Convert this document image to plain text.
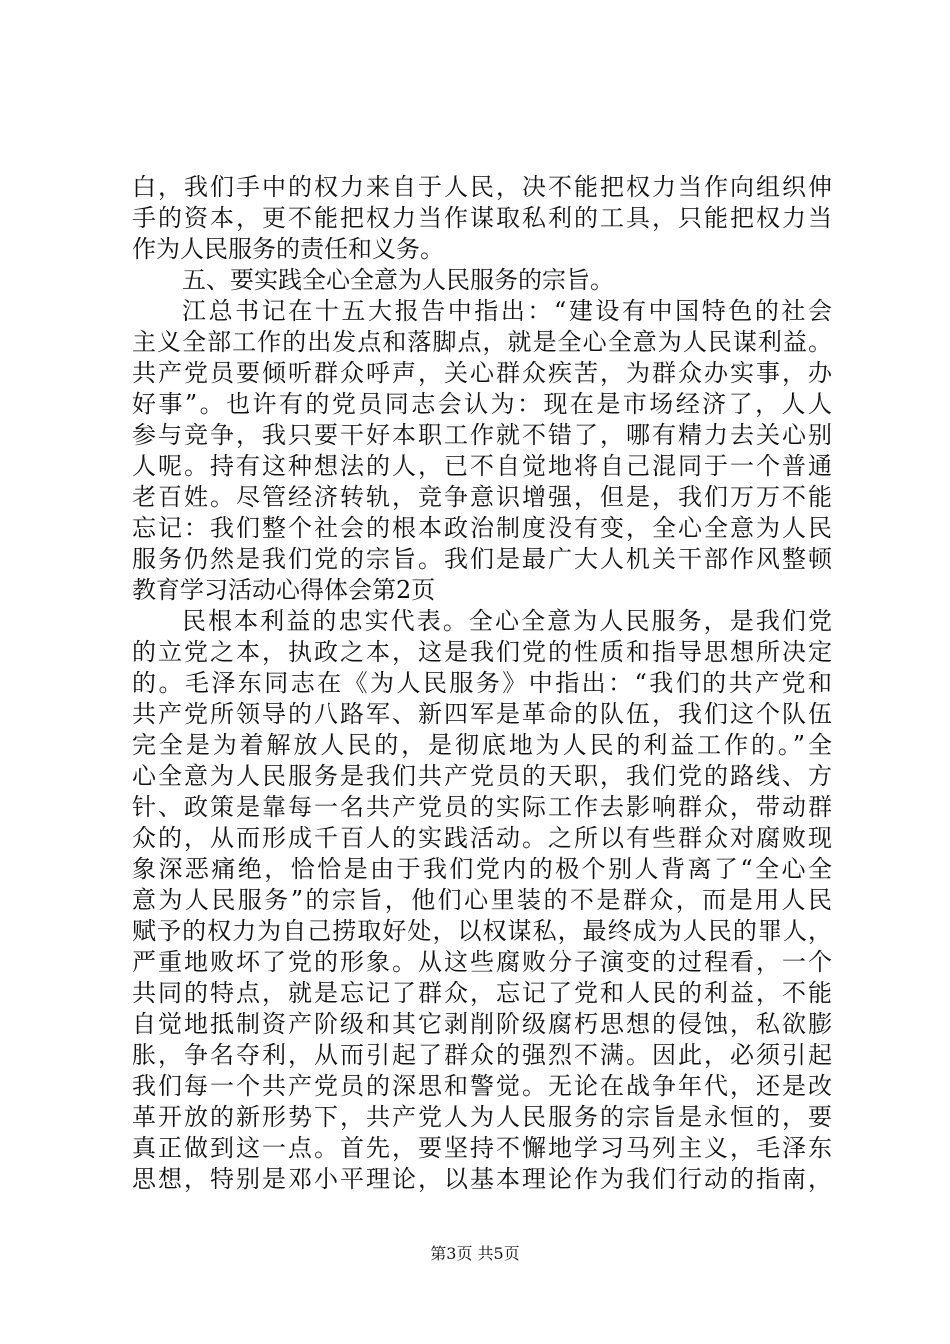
白，我们手中的权力来自于人民，决不能把权力当作向组织伸
手的资本，更不能把权力当作谋取私利的工具，只能把权力当
作为人民服务的责任和义务。
五、要实践全心全意为人民服务的宗旨。
江总书记在十五大报告中指出：“建设有中国特色的社会
主义全部工作的出发点和落脚点，就是全心全意为人民谋利益。
共产党员要倾听群众呼声，关心群众疾苦，为群众办实事，办
好事”。也许有的党员同志会认为：现在是市场经济了，人人
参与竞争，我只要干好本职工作就不错了，哪有精力去关心别
人呢。持有这种想法的人，已不自觉地将自己混同于一个普通
老百姓。尽管经济转轨，竞争意识增强，但是，我们万万不能
忘记：我们整个社会的根本政治制度没有变，全心全意为人民
服务仍然是我们党的宗旨。我们是最广大人机关干部作风整顿
教育学习活动心得体会第2页
民根本利益的忠实代表。全心全意为人民服务，是我们党
的立党之本，执政之本，这是我们党的性质和指导思想所决定
的。毛泽东同志在《为人民服务》中指出：“我们的共产党和
共产党所领导的八路军、新四军是革命的队伍，我们这个队伍
完全是为着解放人民的，是彻底地为人民的利益工作的。”全
心全意为人民服务是我们共产党员的天职，我们党的路线、方
针、政策是靠每一名共产党员的实际工作去影响群众，带动群
众的，从而形成千百人的实践活动。之所以有些群众对腐败现
象深恶痛绝，恰恰是由于我们党内的极个别人背离了“全心全
意为人民服务”的宗旨，他们心里装的不是群众，而是用人民
赋予的权力为自己捞取好处，以权谋私，最终成为人民的罪人，
严重地败坏了党的形象。从这些腐败分子演变的过程看，一个
共同的特点，就是忘记了群众，忘记了党和人民的利益，不能
自觉地抵制资产阶级和其它剥削阶级腐朽思想的侵蚀，私欲膨
胀，争名夺利，从而引起了群众的强烈不满。因此，必须引起
我们每一个共产党员的深思和警觉。无论在战争年代，还是改
革开放的新形势下，共产党人为人民服务的宗旨是永恒的，要
真正做到这一点。首先，要坚持不懈地学习马列主义，毛泽东
思想，特别是邓小平理论，以基本理论作为我们行动的指南，
第3页 共5页
